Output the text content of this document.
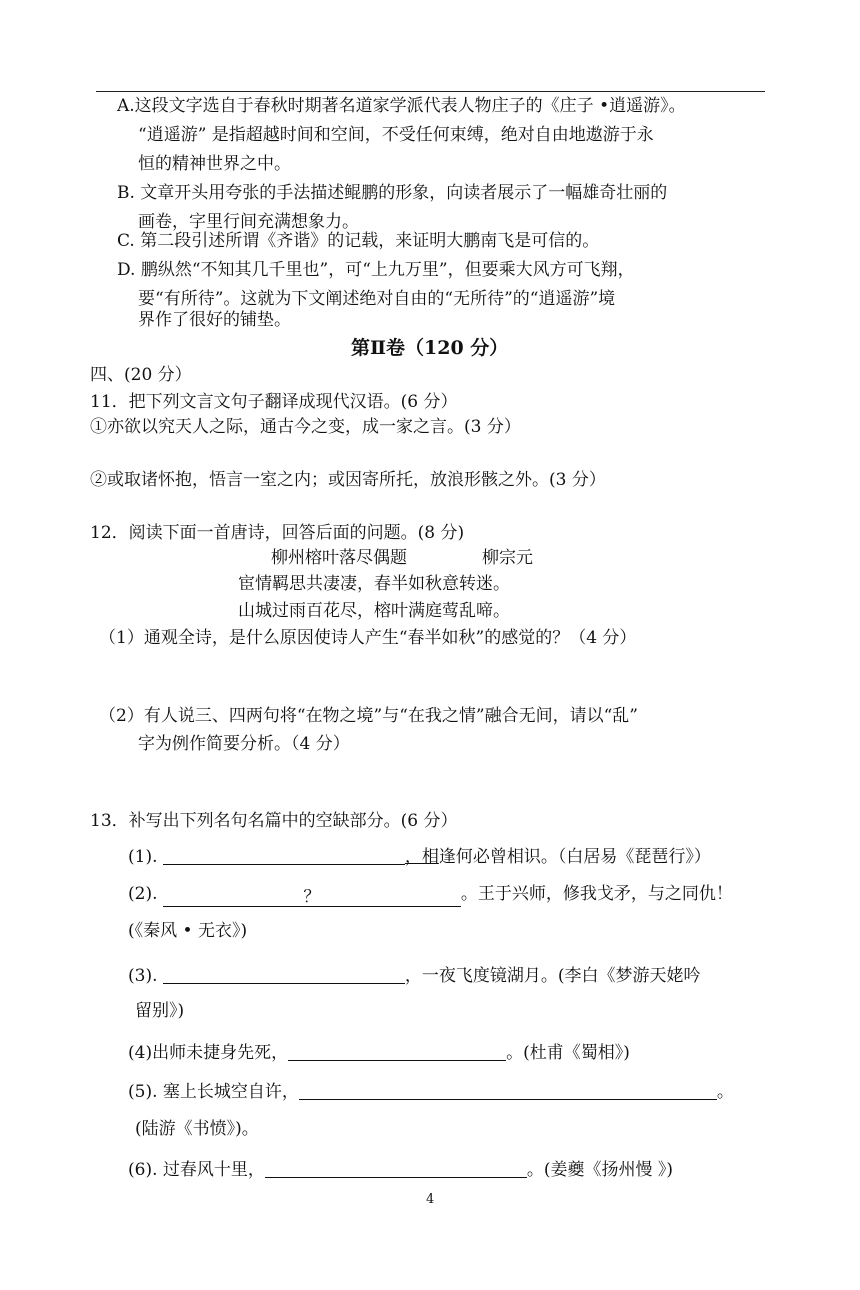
A.这段文字选自于春秋时期著名道家学派代表人物庄子的《庄子 •逍遥游》。
“逍遥游” 是指超越时间和空间，不受任何束缚，绝对自由地遨游于永
恒的精神世界之中。
B. 文章开头用夸张的手法描述鲲鹏的形象，向读者展示了一幅雄奇壮丽的
画卷，字里行间充满想象力。
C. 第二段引述所谓《齐谐》的记载，来证明大鹏南飞是可信的。
D. 鹏纵然“不知其几千里也”，可“上九万里”，但要乘大风方可飞翔，
要“有所待”。这就为下文阐述绝对自由的“无所待”的“逍遥游”境
界作了很好的铺垫。
第Ⅱ卷（120 分）
四、(20 分）
11．把下列文言文句子翻译成现代汉语。(6 分）
①亦欲以究天人之际，通古今之变，成一家之言。(3 分）
②或取诸怀抱，悟言一室之内；或因寄所托，放浪形骸之外。(3 分）
12．阅读下面一首唐诗，回答后面的问题。(8 分)
柳州榕叶落尽偶题	柳宗元
宦情羁思共凄凄，春半如秋意转迷。
山城过雨百花尽，榕叶满庭莺乱啼。
（1）通观全诗，是什么原因使诗人产生“春半如秋”的感觉的？（4 分）
（2）有人说三、四两句将“在物之境”与“在我之情”融合无间，请以“乱”
字为例作简要分析。（4 分）
13．补写出下列名句名篇中的空缺部分。(6 分）
(1).	，相逢何必曾相识。（白居易《琵琶行》）
(2).	？	。王于兴师，修我戈矛，与之同仇！
(《秦风 • 无衣》)
(3).	，一夜飞度镜湖月。(李白《梦游天姥吟
留别》)
(4)出师未捷身先死，	。(杜甫《蜀相》)
(5). 塞上长城空自许，	。
(陆游《书愤》)。
(6). 过春风十里，	。(姜夔《扬州慢 》)
4
